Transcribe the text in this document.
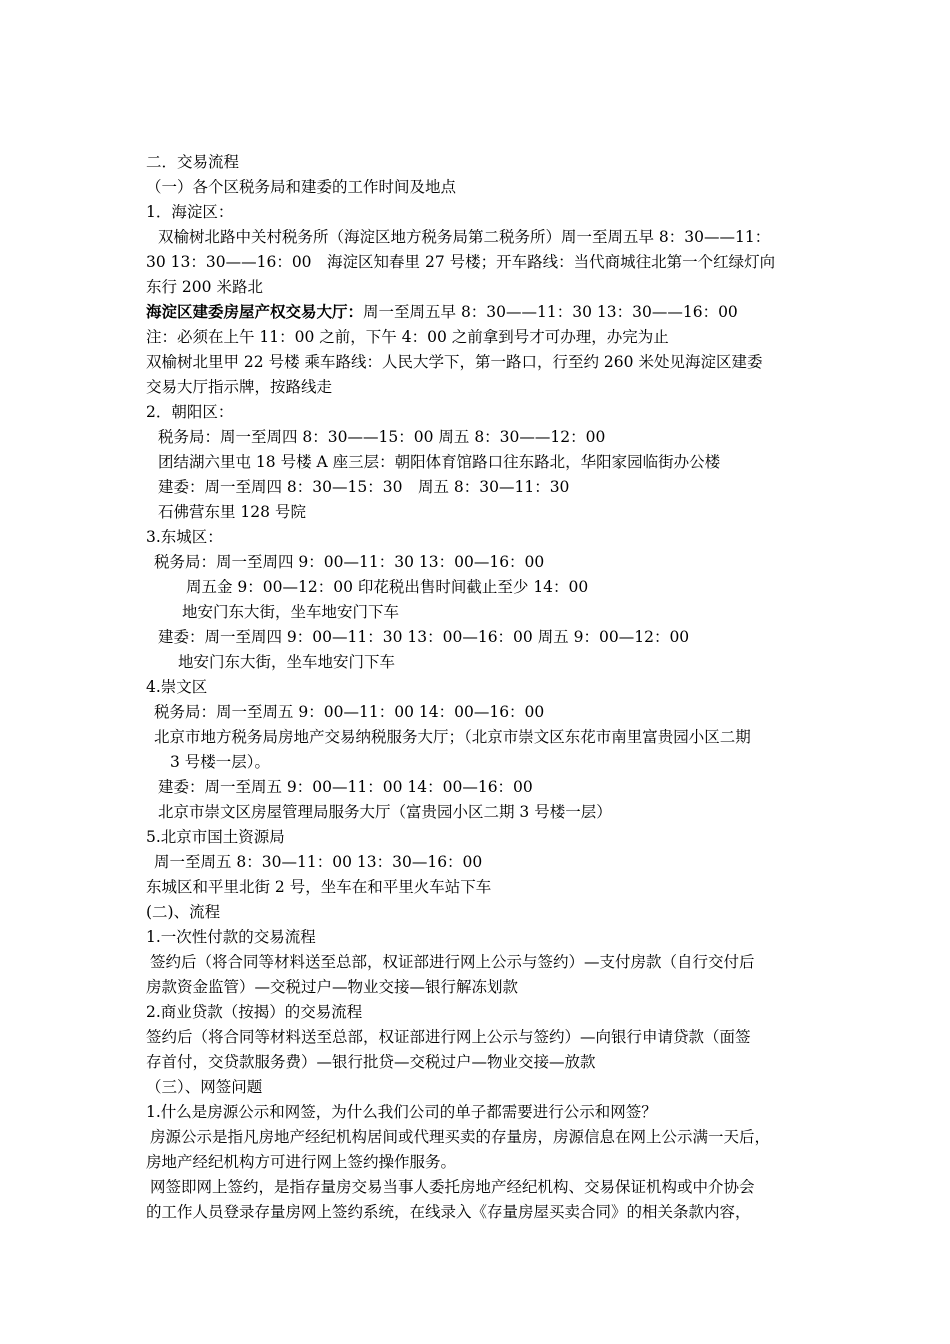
二．交易流程
（一）各个区税务局和建委的工作时间及地点
1．海淀区：
双榆树北路中关村税务所（海淀区地方税务局第二税务所）周一至周五早 8：30——11：
30 13：30——16：00　海淀区知春里 27 号楼；开车路线：当代商城往北第一个红绿灯向
东行 200 米路北
海淀区建委房屋产权交易大厅：周一至周五早 8：30——11：30 13：30——16：00
注：必须在上午 11：00 之前，下午 4：00 之前拿到号才可办理，办完为止
双榆树北里甲 22 号楼 乘车路线：人民大学下，第一路口，行至约 260 米处见海淀区建委
交易大厅指示牌，按路线走
2．朝阳区：
税务局：周一至周四 8：30——15：00 周五 8：30——12：00
团结湖六里屯 18 号楼 A 座三层：朝阳体育馆路口往东路北，华阳家园临街办公楼
建委：周一至周四 8：30—15：30　周五 8：30—11：30
石佛营东里 128 号院
3.东城区：
税务局：周一至周四 9：00—11：30 13：00—16：00
周五金 9：00—12：00 印花税出售时间截止至少 14：00
地安门东大街，坐车地安门下车
建委：周一至周四 9：00—11：30 13：00—16：00 周五 9：00—12：00
地安门东大街，坐车地安门下车
4.崇文区
税务局：周一至周五 9：00—11：00 14：00—16：00
北京市地方税务局房地产交易纳税服务大厅；（北京市崇文区东花市南里富贵园小区二期
3 号楼一层）。
建委：周一至周五 9：00—11：00 14：00—16：00
北京市崇文区房屋管理局服务大厅（富贵园小区二期 3 号楼一层）
5.北京市国土资源局
周一至周五 8：30—11：00 13：30—16：00
东城区和平里北街 2 号，坐车在和平里火车站下车
(二)、流程
1.一次性付款的交易流程
签约后（将合同等材料送至总部，权证部进行网上公示与签约）—支付房款（自行交付后
房款资金监管）—交税过户—物业交接—银行解冻划款
2.商业贷款（按揭）的交易流程
签约后（将合同等材料送至总部，权证部进行网上公示与签约）—向银行申请贷款（面签
存首付，交贷款服务费）—银行批贷—交税过户—物业交接—放款
（三）、网签问题
1.什么是房源公示和网签，为什么我们公司的单子都需要进行公示和网签？
房源公示是指凡房地产经纪机构居间或代理买卖的存量房，房源信息在网上公示满一天后，
房地产经纪机构方可进行网上签约操作服务。
网签即网上签约，是指存量房交易当事人委托房地产经纪机构、交易保证机构或中介协会
的工作人员登录存量房网上签约系统，在线录入《存量房屋买卖合同》的相关条款内容，
